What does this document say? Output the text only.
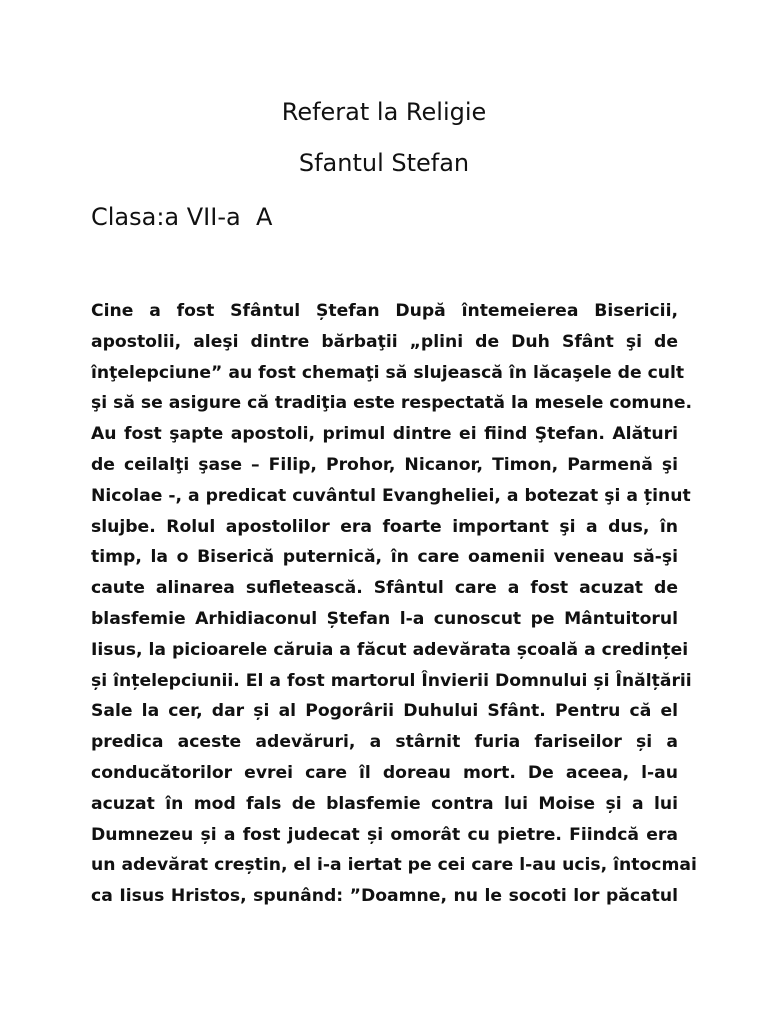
Referat la Religie
Sfantul Stefan

Clasa:a VII-a  A

Cine a fost Sfântul Ștefan După întemeierea Bisericii,
apostolii, aleşi dintre bărbaţii „plini de Duh Sfânt şi de
înţelepciune” au fost chemaţi să slujească în lăcaşele de cult
şi să se asigure că tradiţia este respectată la mesele comune.
Au fost şapte apostoli, primul dintre ei fiind Ştefan. Alături
de ceilalţi şase – Filip, Prohor, Nicanor, Timon, Parmenă şi
Nicolae -, a predicat cuvântul Evangheliei, a botezat şi a ținut
slujbe. Rolul apostolilor era foarte important şi a dus, în
timp, la o Biserică puternică, în care oamenii veneau să-şi
caute alinarea sufletească. Sfântul care a fost acuzat de
blasfemie Arhidiaconul Ștefan l-a cunoscut pe Mântuitorul
Iisus, la picioarele căruia a făcut adevărata școală a credinței
și înțelepciunii. El a fost martorul Învierii Domnului și Înălțării
Sale la cer, dar și al Pogorârii Duhului Sfânt. Pentru că el
predica aceste adevăruri, a stârnit furia fariseilor și a
conducătorilor evrei care îl doreau mort. De aceea, l-au
acuzat în mod fals de blasfemie contra lui Moise și a lui
Dumnezeu și a fost judecat și omorât cu pietre. Fiindcă era
un adevărat creștin, el i-a iertat pe cei care l-au ucis, întocmai
ca Iisus Hristos, spunând: ”Doamne, nu le socoti lor păcatul
